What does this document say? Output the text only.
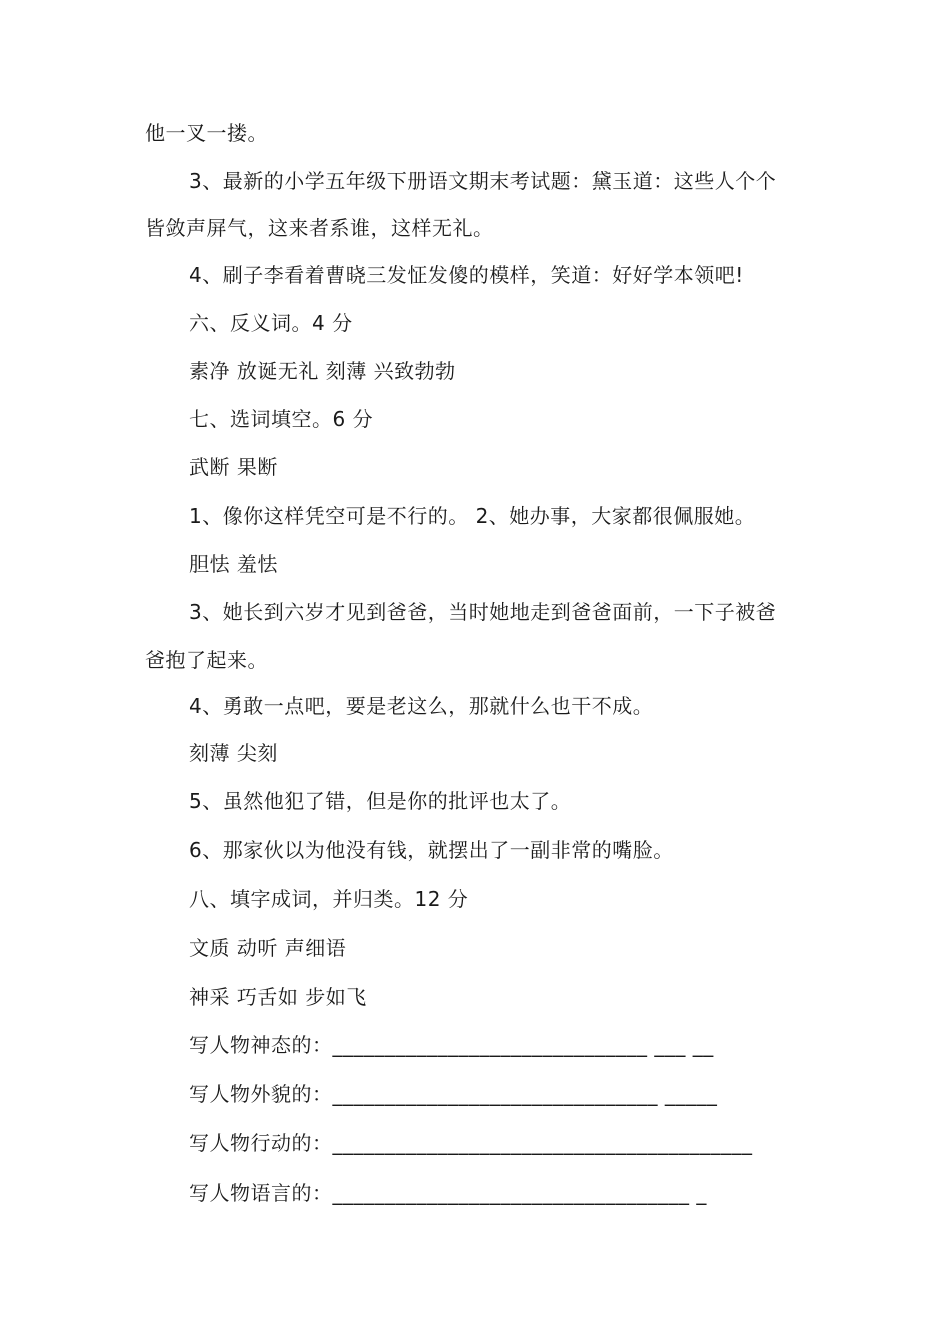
他一叉一搂。
3、最新的小学五年级下册语文期末考试题：黛玉道：这些人个个
皆敛声屏气，这来者系谁，这样无礼。
4、刷子李看着曹晓三发怔发傻的模样，笑道：好好学本领吧!
六、反义词。4 分
素净 放诞无礼 刻薄 兴致勃勃
七、选词填空。6 分
武断 果断
1、像你这样凭空可是不行的。 2、她办事，大家都很佩服她。
胆怯 羞怯
3、她长到六岁才见到爸爸，当时她地走到爸爸面前，一下子被爸
爸抱了起来。
4、勇敢一点吧，要是老这么，那就什么也干不成。
刻薄 尖刻
5、虽然他犯了错，但是你的批评也太了。
6、那家伙以为他没有钱，就摆出了一副非常的嘴脸。
八、填字成词，并归类。12 分
文质 动听 声细语
神采 巧舌如 步如飞
写人物神态的：______________________________ ___ __
写人物外貌的：_______________________________ _____
写人物行动的：________________________________________
写人物语言的：__________________________________ _
